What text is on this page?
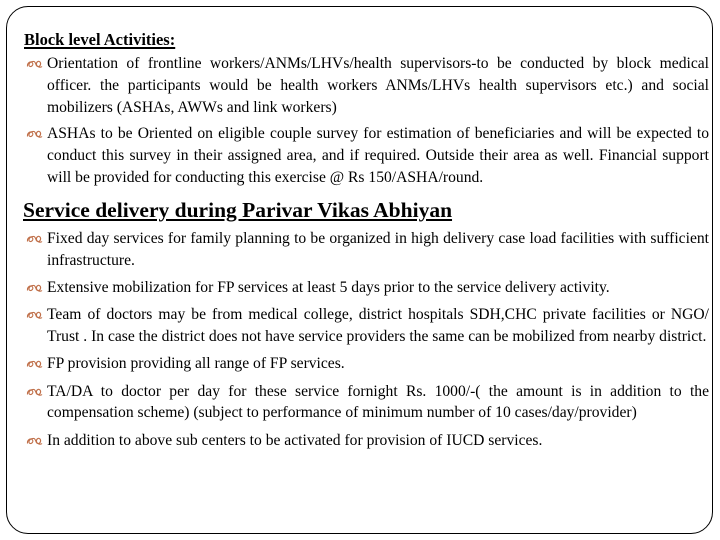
Block level Activities:
Orientation of frontline workers/ANMs/LHVs/health supervisors-to be conducted by block medical officer. the participants would be health workers ANMs/LHVs health supervisors etc.) and social mobilizers (ASHAs, AWWs and link workers)
ASHAs to be Oriented on eligible couple survey for estimation of beneficiaries and will be expected to conduct this survey in their assigned area, and if required. Outside their area as well. Financial support will be provided for conducting this exercise @ Rs 150/ASHA/round.
Service delivery during Parivar Vikas Abhiyan
Fixed day services for family planning to be organized in high delivery case load facilities with sufficient infrastructure.
Extensive mobilization for FP services at least 5 days prior to the service delivery activity.
Team of doctors may be from medical college, district hospitals SDH,CHC private facilities or NGO/ Trust . In case the district does not have service providers the same can be mobilized from nearby district.
FP provision providing all range of FP services.
TA/DA to doctor per day for these service fornight Rs. 1000/-( the amount is in addition to the compensation scheme) (subject to performance of minimum number of 10 cases/day/provider)
In addition to above sub centers to be activated for provision of IUCD services.
